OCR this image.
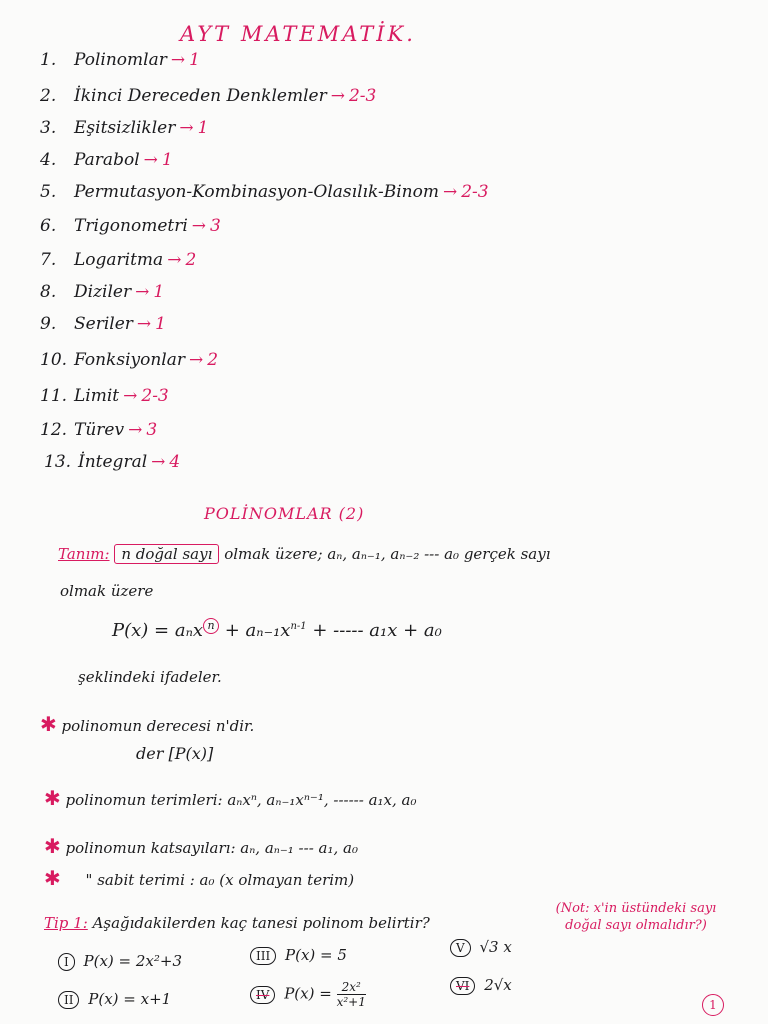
AYT MATEMATİK.
1. Polinomlar → 1
2. İkinci Dereceden Denklemler → 2-3
3. Eşitsizlikler → 1
4. Parabol → 1
5. Permutasyon-Kombinasyon-Olasılık-Binom → 2-3
6. Trigonometri → 3
7. Logaritma → 2
8. Diziler → 1
9. Seriler → 1
10. Fonksiyonlar → 2
11. Limit → 2-3
12. Türev → 3
13. İntegral → 4
POLİNOMLAR (2)
Tanım: n doğal sayı olmak üzere; aₙ, aₙ₋₁, aₙ₋₂ --- a₀ gerçek sayı
olmak üzere
P(x) = aₙx $n + a_{n-1}x^{n-1}$ + ----- a₁x + a₀
şeklindeki ifadeler.
✱ polinomun derecesi n'dir.
der [P(x)]
✱ polinomun terimleri: aₙxⁿ, aₙ₋₁xⁿ⁻¹, ------ a₁x, a₀
✱ polinomun katsayıları: aₙ, aₙ₋₁ --- a₁, a₀
✱ " sabit terimi : a₀ (x olmayan terim)
Tip 1: Aşağıdakilerden kaç tanesi polinom belirtir?
(Not: x'in üstündeki sayı doğal sayı olmalıdır?)
I P(x) = 2x²+3
II P(x) = x+1
III P(x) = 5
IV $P(x) = \frac{\text{2x²}}{\text{x²+1}}$
V √3 x
VI 2√x
1
